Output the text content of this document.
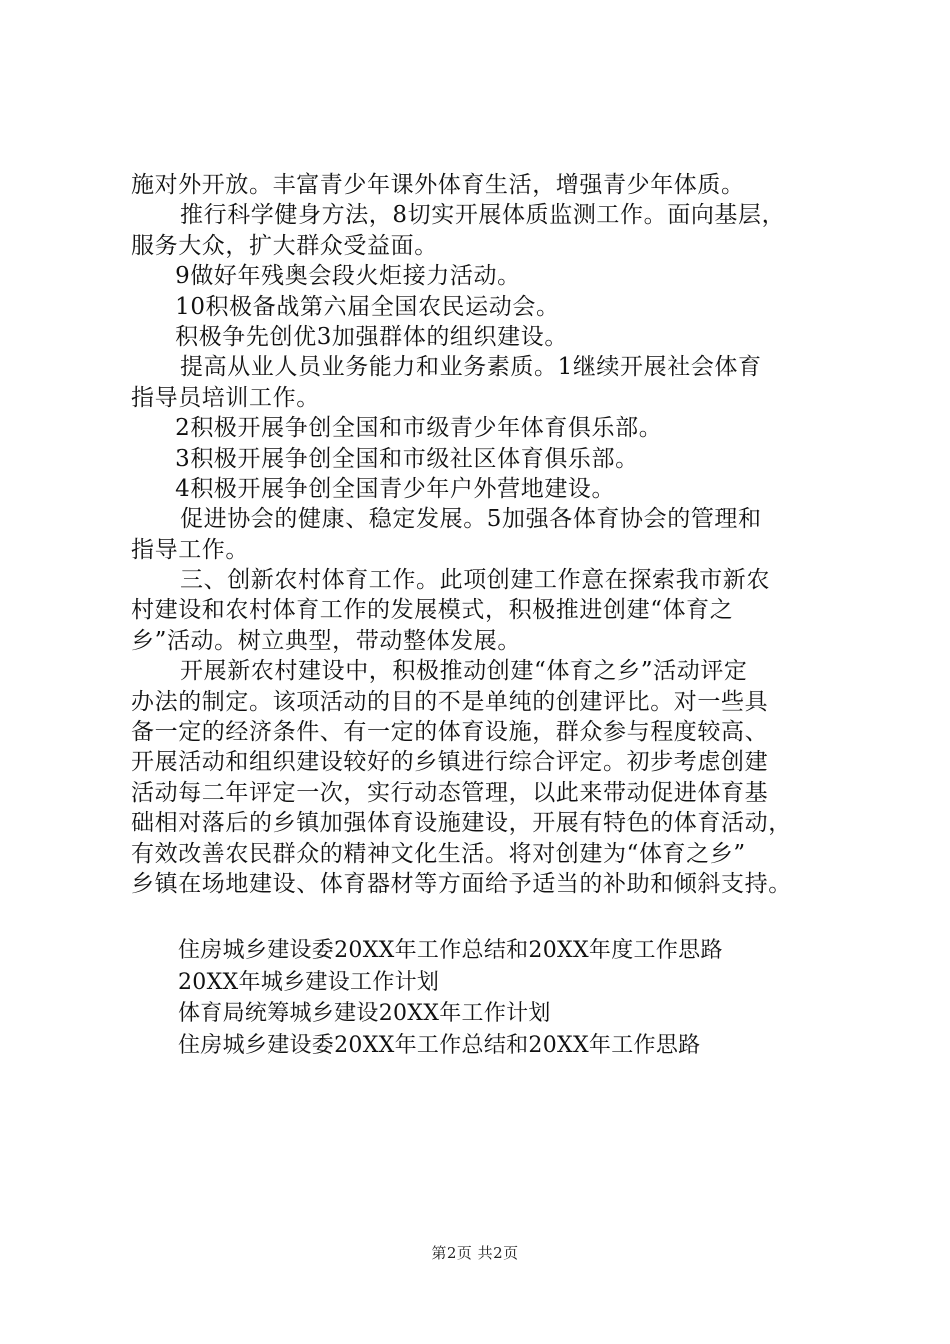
施对外开放。丰富青少年课外体育生活，增强青少年体质。
推行科学健身方法，8切实开展体质监测工作。面向基层，
服务大众，扩大群众受益面。
9做好年残奥会段火炬接力活动。
10积极备战第六届全国农民运动会。
积极争先创优3加强群体的组织建设。
提高从业人员业务能力和业务素质。1继续开展社会体育
指导员培训工作。
2积极开展争创全国和市级青少年体育俱乐部。
3积极开展争创全国和市级社区体育俱乐部。
4积极开展争创全国青少年户外营地建设。
促进协会的健康、稳定发展。5加强各体育协会的管理和
指导工作。
三、创新农村体育工作。此项创建工作意在探索我市新农
村建设和农村体育工作的发展模式，积极推进创建“体育之
乡”活动。树立典型，带动整体发展。
开展新农村建设中，积极推动创建“体育之乡”活动评定
办法的制定。该项活动的目的不是单纯的创建评比。对一些具
备一定的经济条件、有一定的体育设施，群众参与程度较高、
开展活动和组织建设较好的乡镇进行综合评定。初步考虑创建
活动每二年评定一次，实行动态管理，以此来带动促进体育基
础相对落后的乡镇加强体育设施建设，开展有特色的体育活动，
有效改善农民群众的精神文化生活。将对创建为“体育之乡”
乡镇在场地建设、体育器材等方面给予适当的补助和倾斜支持。
住房城乡建设委20XX年工作总结和20XX年度工作思路
20XX年城乡建设工作计划
体育局统筹城乡建设20XX年工作计划
住房城乡建设委20XX年工作总结和20XX年工作思路
第2页 共2页
